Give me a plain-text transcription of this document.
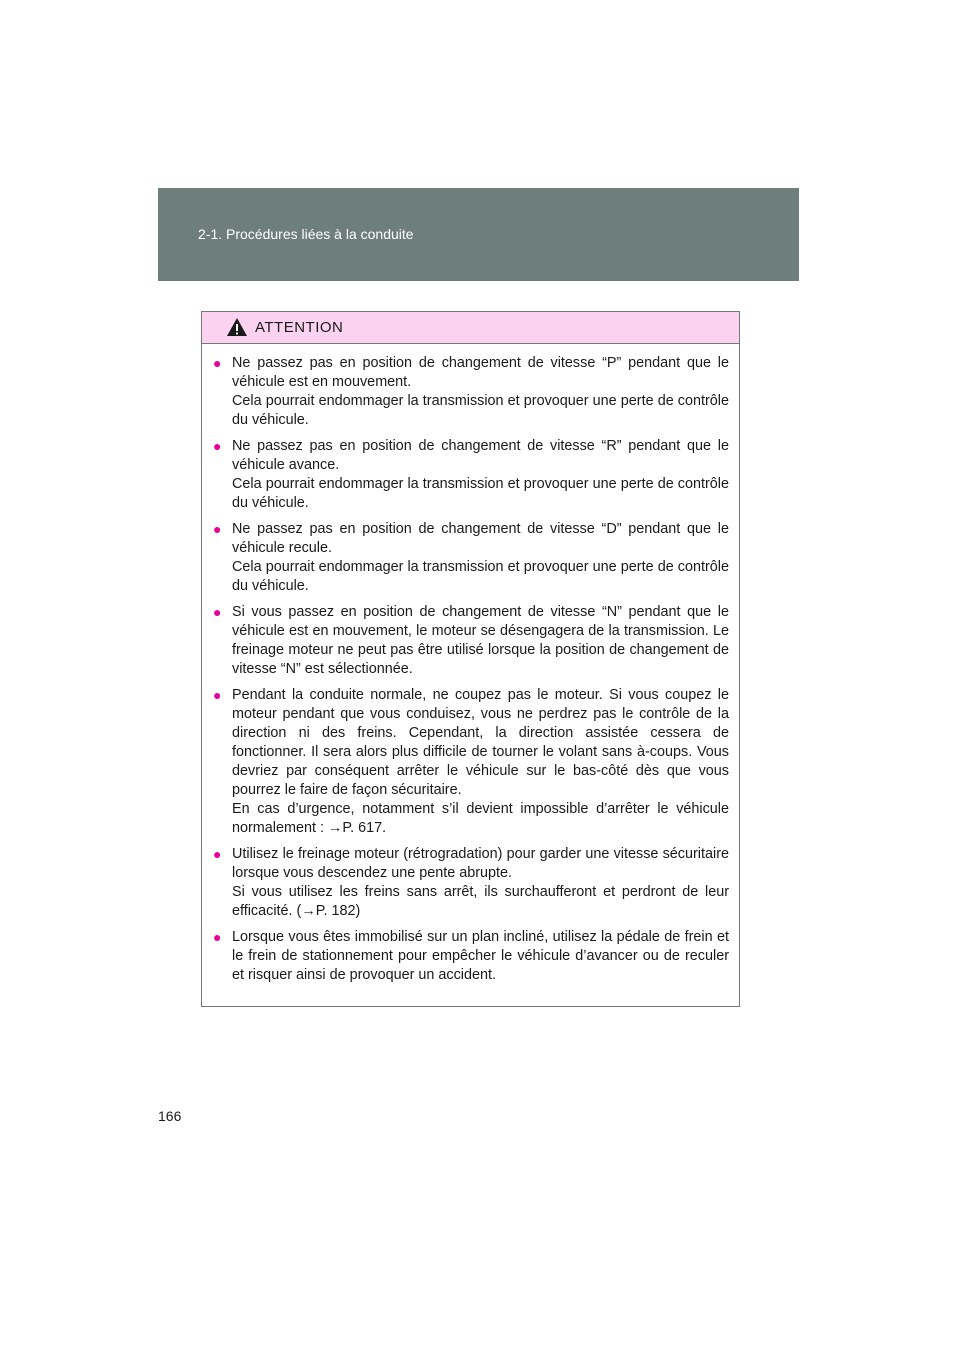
2-1. Procédures liées à la conduite
ATTENTION
● Ne passez pas en position de changement de vitesse “P” pendant que le véhicule est en mouvement.
Cela pourrait endommager la transmission et provoquer une perte de contrôle du véhicule.
● Ne passez pas en position de changement de vitesse “R” pendant que le véhicule avance.
Cela pourrait endommager la transmission et provoquer une perte de contrôle du véhicule.
● Ne passez pas en position de changement de vitesse “D” pendant que le véhicule recule.
Cela pourrait endommager la transmission et provoquer une perte de contrôle du véhicule.
● Si vous passez en position de changement de vitesse “N” pendant que le véhicule est en mouvement, le moteur se désengagera de la transmission. Le freinage moteur ne peut pas être utilisé lorsque la position de changement de vitesse “N” est sélectionnée.
● Pendant la conduite normale, ne coupez pas le moteur. Si vous coupez le moteur pendant que vous conduisez, vous ne perdrez pas le contrôle de la direction ni des freins. Cependant, la direction assistée cessera de fonctionner. Il sera alors plus difficile de tourner le volant sans à-coups. Vous devriez par conséquent arrêter le véhicule sur le bas-côté dès que vous pourrez le faire de façon sécuritaire.
En cas d’urgence, notamment s’il devient impossible d’arrêter le véhicule normalement : →P. 617.
● Utilisez le freinage moteur (rétrogradation) pour garder une vitesse sécuritaire lorsque vous descendez une pente abrupte.
Si vous utilisez les freins sans arrêt, ils surchaufferont et perdront de leur efficacité. (→P. 182)
● Lorsque vous êtes immobilisé sur un plan incliné, utilisez la pédale de frein et le frein de stationnement pour empêcher le véhicule d’avancer ou de reculer et risquer ainsi de provoquer un accident.
166
